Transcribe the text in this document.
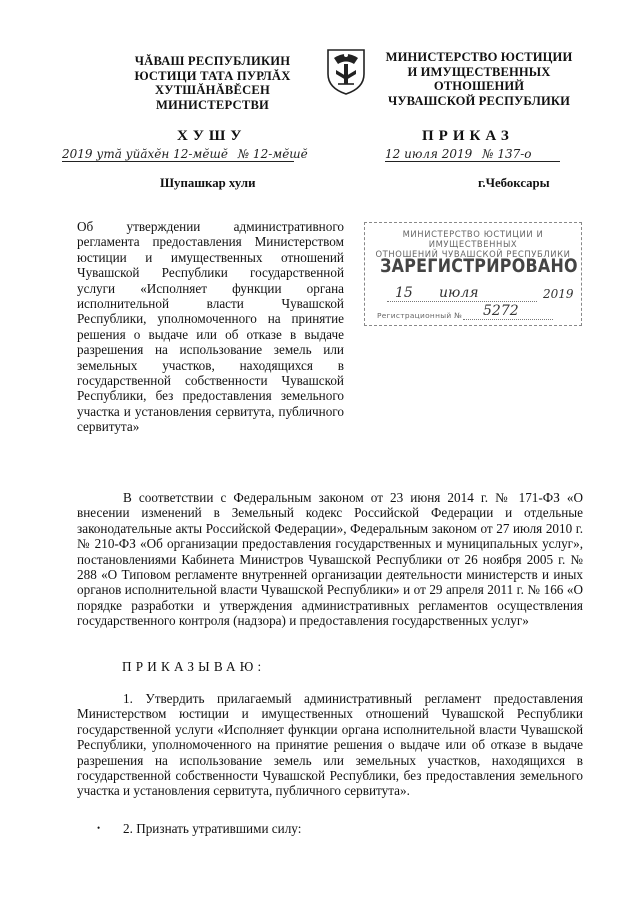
ЧĂВАШ РЕСПУБЛИКИН
ЮСТИЦИ ТАТА ПУРЛĂХ
ХУТШĂНĂВĔСЕН
МИНИСТЕРСТВИ
МИНИСТЕРСТВО ЮСТИЦИИ
И ИМУЩЕСТВЕННЫХ
ОТНОШЕНИЙ
ЧУВАШСКОЙ РЕСПУБЛИКИ
ХУШУ	ПРИКАЗ
2019 утă уйăхĕн 12-мĕшĕ № 12-мĕшĕ	12 июля 2019 № 137-о
Шупашкар хули	г.Чебоксары

Об утверждении административного регламента предоставления Министерством юстиции и имущественных отношений Чувашской Республики государственной услуги «Исполняет функции органа исполнительной власти Чувашской Республики, уполномоченного на принятие решения о выдаче или об отказе в выдаче разрешения на использование земель или земельных участков, находящихся в государственной собственности Чувашской Республики, без предоставления земельного участка и установления сервитута, публичного сервитута»

МИНИСТЕРСТВО ЮСТИЦИИ И ИМУЩЕСТВЕННЫХ
ОТНОШЕНИЙ ЧУВАШСКОЙ РЕСПУБЛИКИ
ЗАРЕГИСТРИРОВАНО
15 июля	2019
Регистрационный № 5272

В соответствии с Федеральным законом от 23 июня 2014 г. № 171-ФЗ «О внесении изменений в Земельный кодекс Российской Федерации и отдельные законодательные акты Российской Федерации», Федеральным законом от 27 июля 2010 г. № 210-ФЗ «Об организации предоставления государственных и муниципальных услуг», постановлениями Кабинета Министров Чувашской Республики от 26 ноября 2005 г. № 288 «О Типовом регламенте внутренней организации деятельности министерств и иных органов исполнительной власти Чувашской Республики» и от 29 апреля 2011 г. № 166 «О порядке разработки и утверждения административных регламентов осуществления государственного контроля (надзора) и предоставления государственных услуг»

ПРИКАЗЫВАЮ:

1. Утвердить прилагаемый административный регламент предоставления Министерством юстиции и имущественных отношений Чувашской Республики государственной услуги «Исполняет функции органа исполнительной власти Чувашской Республики, уполномоченного на принятие решения о выдаче или об отказе в выдаче разрешения на использование земель или земельных участков, находящихся в государственной собственности Чувашской Республики, без предоставления земельного участка и установления сервитута, публичного сервитута».

•	2. Признать утратившими силу:
